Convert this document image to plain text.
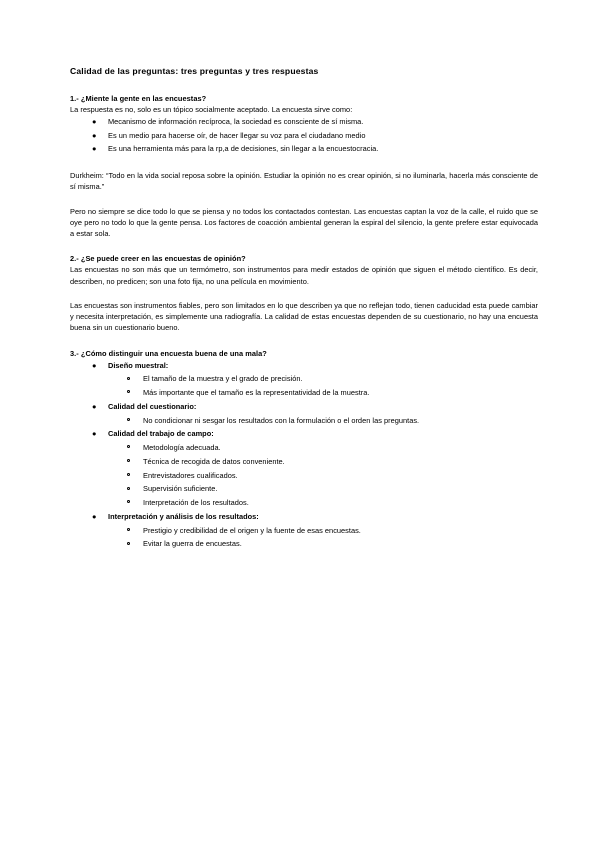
Calidad de las preguntas: tres preguntas y tres respuestas
1.- ¿Miente la gente en las encuestas?

La respuesta es no, solo es un tópico socialmente aceptado. La encuesta sirve como:

● Mecanismo de información recíproca, la sociedad es consciente de sí misma.
● Es un medio para hacerse oír, de hacer llegar su voz para el ciudadano medio
● Es una herramienta más para la rp,a de decisiones, sin llegar a la encuestocracia.

Durkheim: “Todo en la vida social reposa sobre la opinión. Estudiar la opinión no es crear opinión, si no iluminarla, hacerla más consciente de sí misma.”

Pero no siempre se dice todo lo que se piensa y no todos los contactados contestan. Las encuestas captan la voz de la calle, el ruido que se oye pero no todo lo que la gente pensa. Los factores de coacción ambiental generan la espiral del silencio, la gente prefere estar equivocada a estar sola.

2.- ¿Se puede creer en las encuestas de opinión?

Las encuestas no son más que un termómetro, son instrumentos para medir estados de opinión que siguen el método científico. Es decir, describen, no predicen; son una foto fija, no una película en movimiento.

Las encuestas son instrumentos fiables, pero son limitados en lo que describen ya que no reflejan todo, tienen caducidad esta puede cambiar y necesita interpretación, es simplemente una radiografía. La calidad de estas encuestas dependen de su cuestionario, no hay una encuesta buena sin un cuestionario bueno.

3.- ¿Cómo distinguir una encuesta buena de una mala?
● Diseño muestral:
El tamaño de la muestra y el grado de precisión.
Más importante que el tamaño es la representatividad de la muestra.
● Calidad del cuestionario:
No condicionar ni sesgar los resultados con la formulación o el orden las preguntas.
● Calidad del trabajo de campo:
Metodología adecuada.
Técnica de recogida de datos conveniente.
Entrevistadores cualificados.
Supervisión suficiente.
Interpretación de los resultados.
● Interpretación y análisis de los resultados:
Prestigio y credibilidad de el origen y la fuente de esas encuestas.
Evitar la guerra de encuestas.
